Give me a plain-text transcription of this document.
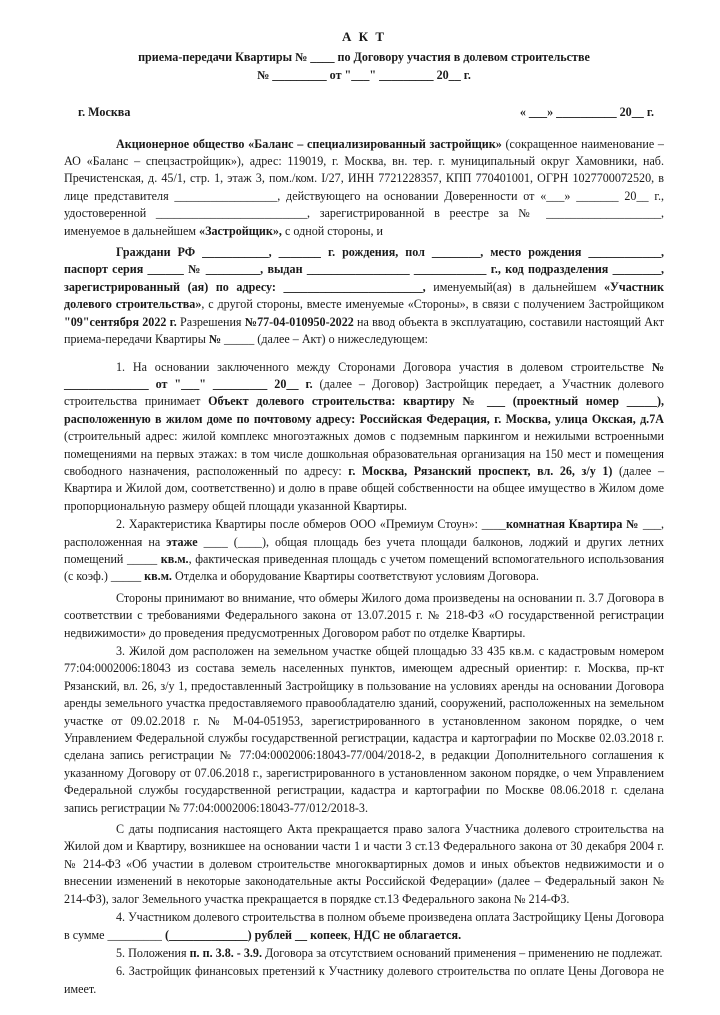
А К Т
приема-передачи Квартиры № ____ по Договору участия в долевом строительстве
№ _________ от "___" _________ 20__ г.
г. Москва	« ___» __________ 20__ г.

Акционерное общество «Баланс – специализированный застройщик» (сокращенное наименование – АО «Баланс – спецзастройщик»), адрес: 119019, г. Москва, вн. тер. г. муниципальный округ Хамовники, наб. Пречистенская, д. 45/1, стр. 1, этаж 3, пом./ком. I/27, ИНН 7721228357, КПП 770401001, ОГРН 1027700072520, в лице представителя _________________, действующего на основании Доверенности от «___» _______ 20__ г., удостоверенной _________________________, зарегистрированной в реестре за № ___________________, именуемое в дальнейшем «Застройщик», с одной стороны, и

Граждани РФ ___________, _______ г. рождения, пол ________, место рождения ____________, паспорт серия ______ № _________, выдан _________________ ____________ г., код подразделения ________, зарегистрированный (ая) по адресу: _______________________, именуемый(ая) в дальнейшем «Участник долевого строительства», с другой стороны, вместе именуемые «Стороны», в связи с получением Застройщиком "09"сентября 2022 г. Разрешения №77-04-010950-2022 на ввод объекта в эксплуатацию, составили настоящий Акт приема-передачи Квартиры № _____ (далее – Акт) о нижеследующем:

1. На основании заключенного между Сторонами Договора участия в долевом строительстве № ______________ от "___" _________ 20__ г. (далее – Договор) Застройщик передает, а Участник долевого строительства принимает Объект долевого строительства: квартиру № ___ (проектный номер _____), расположенную в жилом доме по почтовому адресу: Российская Федерация, г. Москва, улица Окская, д.7А (строительный адрес: жилой комплекс многоэтажных домов с подземным паркингом и нежилыми встроенными помещениями на первых этажах: в том числе дошкольная образовательная организация на 150 мест и помещения свободного назначения, расположенный по адресу: г. Москва, Рязанский проспект, вл. 26, з/у 1) (далее – Квартира и Жилой дом, соответственно) и долю в праве общей собственности на общее имущество в Жилом доме пропорциональную размеру общей площади указанной Квартиры.

2. Характеристика Квартиры после обмеров ООО «Премиум Стоун»: ____комнатная Квартира № ___, расположенная на этаже ____ (____), общая площадь без учета площади балконов, лоджий и других летних помещений _____ кв.м., фактическая приведенная площадь с учетом помещений вспомогательного использования (с коэф.) _____ кв.м. Отделка и оборудование Квартиры соответствуют условиям Договора.

Стороны принимают во внимание, что обмеры Жилого дома произведены на основании п. 3.7 Договора в соответствии с требованиями Федерального закона от 13.07.2015 г. № 218-ФЗ «О государственной регистрации недвижимости» до проведения предусмотренных Договором работ по отделке Квартиры.

3. Жилой дом расположен на земельном участке общей площадью 33 435 кв.м. с кадастровым номером 77:04:0002006:18043 из состава земель населенных пунктов, имеющем адресный ориентир: г. Москва, пр-кт Рязанский, вл. 26, з/у 1, предоставленный Застройщику в пользование на условиях аренды на основании Договора аренды земельного участка предоставляемого правообладателю зданий, сооружений, расположенных на земельном участке от 09.02.2018 г. № М-04-051953, зарегистрированного в установленном законом порядке, о чем Управлением Федеральной службы государственной регистрации, кадастра и картографии по Москве 02.03.2018 г. сделана запись регистрации № 77:04:0002006:18043-77/004/2018-2, в редакции Дополнительного соглашения к указанному Договору от 07.06.2018 г., зарегистрированного в установленном законом порядке, о чем Управлением Федеральной службы государственной регистрации, кадастра и картографии по Москве 08.06.2018 г. сделана запись регистрации № 77:04:0002006:18043-77/012/2018-3.

С даты подписания настоящего Акта прекращается право залога Участника долевого строительства на Жилой дом и Квартиру, возникшее на основании части 1 и части 3 ст.13 Федерального закона от 30 декабря 2004 г. № 214-ФЗ «Об участии в долевом строительстве многоквартирных домов и иных объектов недвижимости и о внесении изменений в некоторые законодательные акты Российской Федерации» (далее – Федеральный закон № 214-ФЗ), залог Земельного участка прекращается в порядке ст.13 Федерального закона № 214-ФЗ.

4. Участником долевого строительства в полном объеме произведена оплата Застройщику Цены Договора в сумме _________ (_____________) рублей __ копеек, НДС не облагается.

5. Положения п. п. 3.8. - 3.9. Договора за отсутствием оснований применения – применению не подлежат.

6. Застройщик финансовых претензий к Участнику долевого строительства по оплате Цены Договора не имеет.
